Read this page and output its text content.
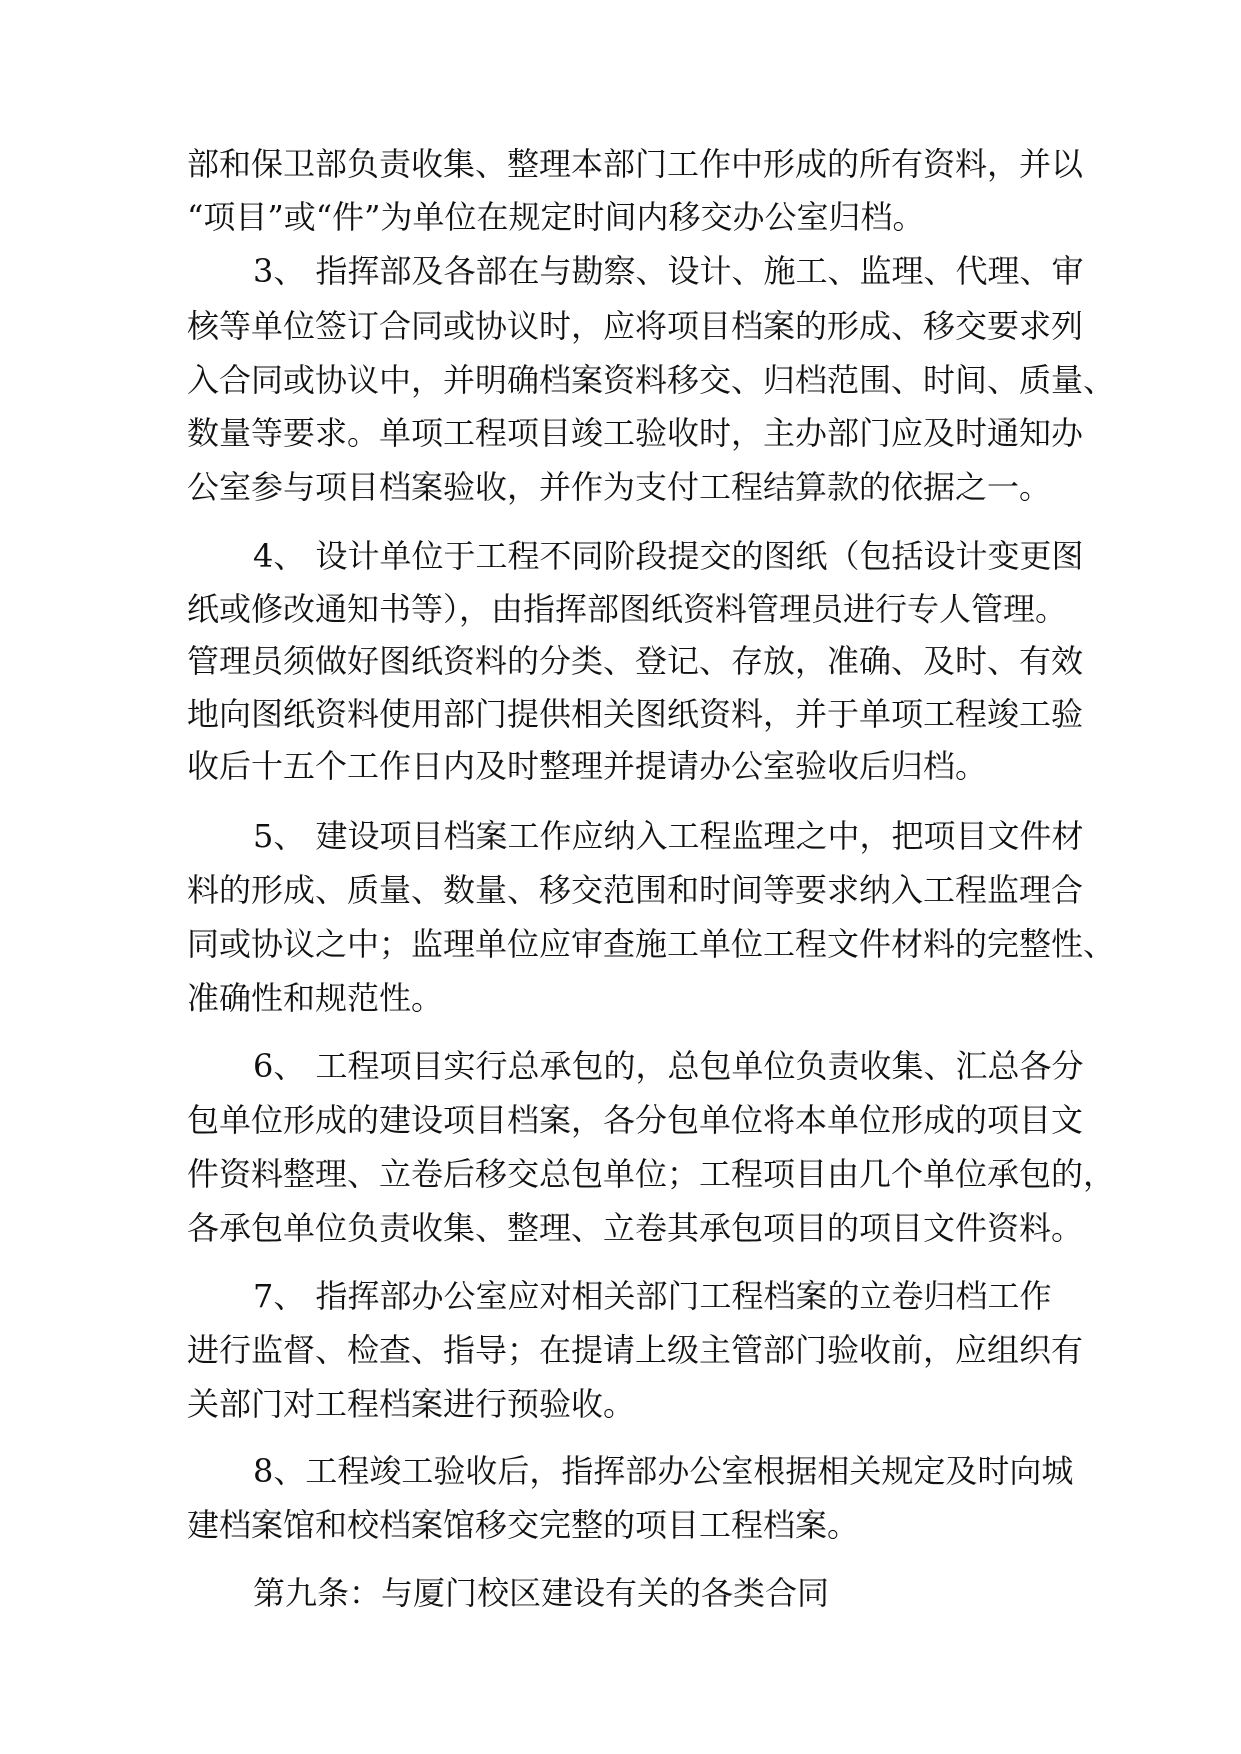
部和保卫部负责收集、整理本部门工作中形成的所有资料，并以
“项目”或“件”为单位在规定时间内移交办公室归档。
3、 指挥部及各部在与勘察、设计、施工、监理、代理、审
核等单位签订合同或协议时，应将项目档案的形成、移交要求列
入合同或协议中，并明确档案资料移交、归档范围、时间、质量、
数量等要求。单项工程项目竣工验收时，主办部门应及时通知办
公室参与项目档案验收，并作为支付工程结算款的依据之一。
4、 设计单位于工程不同阶段提交的图纸（包括设计变更图
纸或修改通知书等），由指挥部图纸资料管理员进行专人管理。
管理员须做好图纸资料的分类、登记、存放，准确、及时、有效
地向图纸资料使用部门提供相关图纸资料，并于单项工程竣工验
收后十五个工作日内及时整理并提请办公室验收后归档。
5、 建设项目档案工作应纳入工程监理之中，把项目文件材
料的形成、质量、数量、移交范围和时间等要求纳入工程监理合
同或协议之中；监理单位应审查施工单位工程文件材料的完整性、
准确性和规范性。
6、 工程项目实行总承包的，总包单位负责收集、汇总各分
包单位形成的建设项目档案，各分包单位将本单位形成的项目文
件资料整理、立卷后移交总包单位；工程项目由几个单位承包的，
各承包单位负责收集、整理、立卷其承包项目的项目文件资料。
7、 指挥部办公室应对相关部门工程档案的立卷归档工作
进行监督、检查、指导；在提请上级主管部门验收前，应组织有
关部门对工程档案进行预验收。
8、工程竣工验收后，指挥部办公室根据相关规定及时向城
建档案馆和校档案馆移交完整的项目工程档案。
第九条：与厦门校区建设有关的各类合同
